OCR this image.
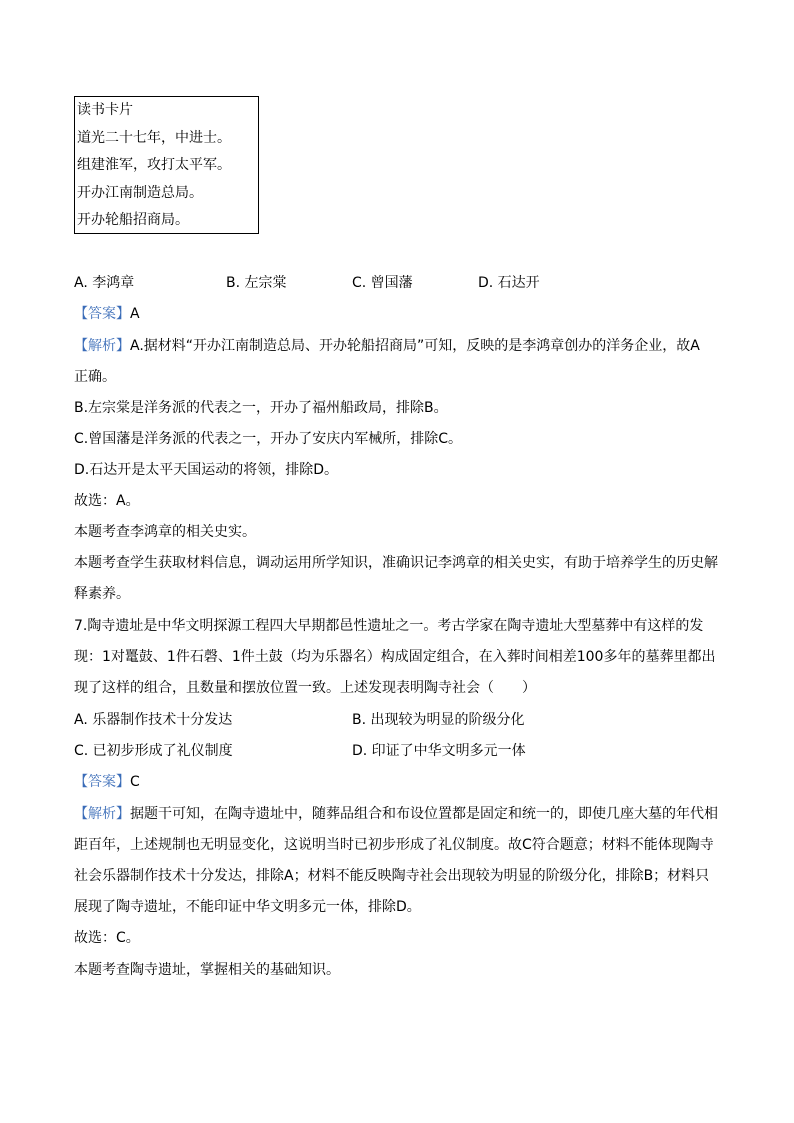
读书卡片
道光二十七年，中进士。
组建淮军，攻打太平军。
开办江南制造总局。
开办轮船招商局。
A. 李鸿章	B. 左宗棠	C. 曾国藩	D. 石达开
【答案】A
【解析】A.据材料“开办江南制造总局、开办轮船招商局”可知，反映的是李鸿章创办的洋务企业，故A
正确。
B.左宗棠是洋务派的代表之一，开办了福州船政局，排除B。
C.曾国藩是洋务派的代表之一，开办了安庆内军械所，排除C。
D.石达开是太平天国运动的将领，排除D。
故选：A。
本题考查李鸿章的相关史实。
本题考查学生获取材料信息，调动运用所学知识，准确识记李鸿章的相关史实，有助于培养学生的历史解
释素养。
7.陶寺遗址是中华文明探源工程四大早期都邑性遗址之一。考古学家在陶寺遗址大型墓葬中有这样的发
现：1对鼍鼓、1件石磬、1件土鼓（均为乐器名）构成固定组合，在入葬时间相差100多年的墓葬里都出
现了这样的组合，且数量和摆放位置一致。上述发现表明陶寺社会（　　）
A. 乐器制作技术十分发达	B. 出现较为明显的阶级分化
C. 已初步形成了礼仪制度	D. 印证了中华文明多元一体
【答案】C
【解析】据题干可知，在陶寺遗址中，随葬品组合和布设位置都是固定和统一的，即使几座大墓的年代相
距百年，上述规制也无明显变化，这说明当时已初步形成了礼仪制度。故C符合题意；材料不能体现陶寺
社会乐器制作技术十分发达，排除A；材料不能反映陶寺社会出现较为明显的阶级分化，排除B；材料只
展现了陶寺遗址，不能印证中华文明多元一体，排除D。
故选：C。
本题考查陶寺遗址，掌握相关的基础知识。
